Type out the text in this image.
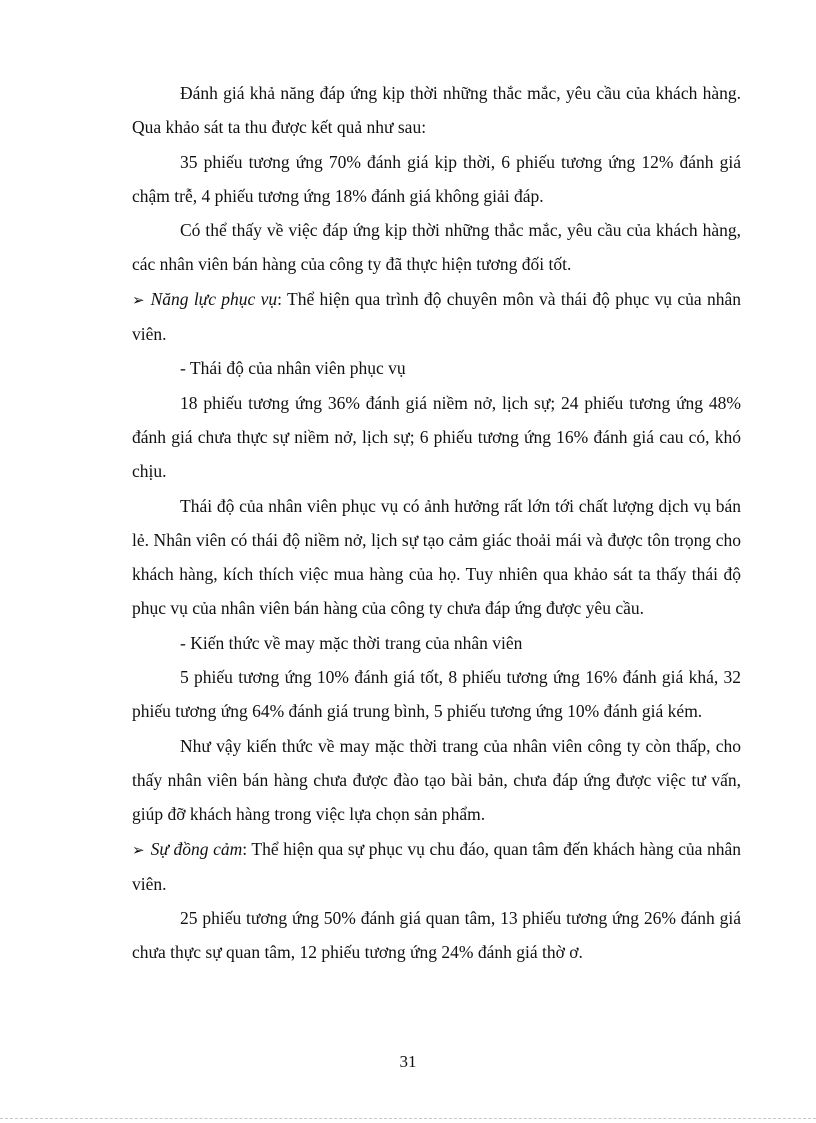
Đánh giá khả năng đáp ứng kịp thời những thắc mắc, yêu cầu của khách hàng. Qua khảo sát ta thu được kết quả như sau:

35 phiếu tương ứng 70% đánh giá kịp thời, 6 phiếu tương ứng 12% đánh giá chậm trễ, 4 phiếu tương ứng 18% đánh giá không giải đáp.

Có thể thấy về việc đáp ứng kịp thời những thắc mắc, yêu cầu của khách hàng, các nhân viên bán hàng của công ty đã thực hiện tương đối tốt.

➢ Năng lực phục vụ: Thể hiện qua trình độ chuyên môn và thái độ phục vụ của nhân viên.

- Thái độ của nhân viên phục vụ

18 phiếu tương ứng 36% đánh giá niềm nở, lịch sự; 24 phiếu tương ứng 48% đánh giá chưa thực sự niềm nở, lịch sự; 6 phiếu tương ứng 16% đánh giá cau có, khó chịu.

Thái độ của nhân viên phục vụ có ảnh hưởng rất lớn tới chất lượng dịch vụ bán lẻ. Nhân viên có thái độ niềm nở, lịch sự tạo cảm giác thoải mái và được tôn trọng cho khách hàng, kích thích việc mua hàng của họ. Tuy nhiên qua khảo sát ta thấy thái độ phục vụ của nhân viên bán hàng của công ty chưa đáp ứng được yêu cầu.

- Kiến thức về may mặc thời trang của nhân viên

5 phiếu tương ứng 10% đánh giá tốt, 8 phiếu tương ứng 16% đánh giá khá, 32 phiếu tương ứng 64% đánh giá trung bình, 5 phiếu tương ứng 10% đánh giá kém.

Như vậy kiến thức về may mặc thời trang của nhân viên công ty còn thấp, cho thấy nhân viên bán hàng chưa được đào tạo bài bản, chưa đáp ứng được việc tư vấn, giúp đỡ khách hàng trong việc lựa chọn sản phẩm.

➢ Sự đồng cảm: Thể hiện qua sự phục vụ chu đáo, quan tâm đến khách hàng của nhân viên.

25 phiếu tương ứng 50% đánh giá quan tâm, 13 phiếu tương ứng 26% đánh giá chưa thực sự quan tâm, 12 phiếu tương ứng 24% đánh giá thờ ơ.

31
